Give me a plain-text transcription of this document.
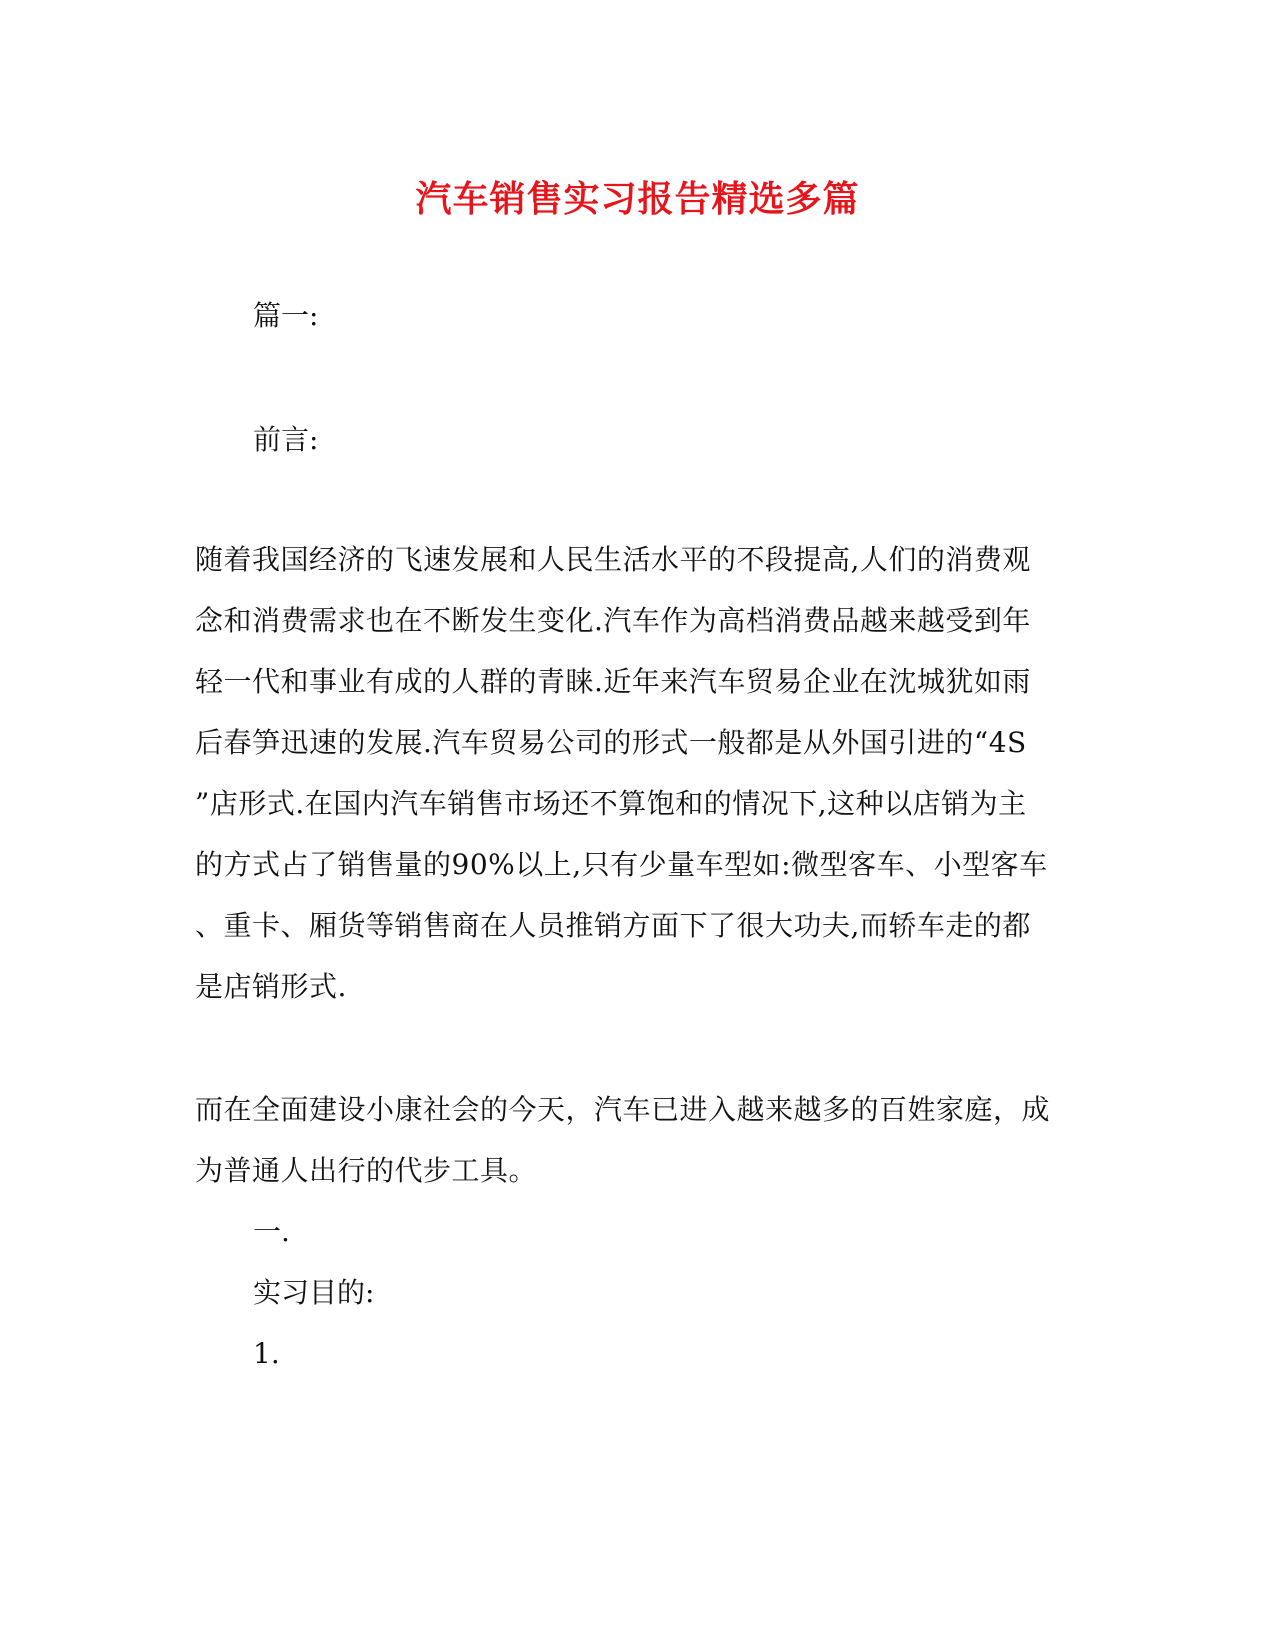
汽车销售实习报告精选多篇
篇一:
前言:
随着我国经济的飞速发展和人民生活水平的不段提高,人们的消费观
念和消费需求也在不断发生变化.汽车作为高档消费品越来越受到年
轻一代和事业有成的人群的青睐.近年来汽车贸易企业在沈城犹如雨
后春笋迅速的发展.汽车贸易公司的形式一般都是从外国引进的“4S
”店形式.在国内汽车销售市场还不算饱和的情况下,这种以店销为主
的方式占了销售量的90%以上,只有少量车型如:微型客车、小型客车
、重卡、厢货等销售商在人员推销方面下了很大功夫,而轿车走的都
是店销形式.
而在全面建设小康社会的今天，汽车已进入越来越多的百姓家庭，成
为普通人出行的代步工具。
一.
实习目的:
1.
